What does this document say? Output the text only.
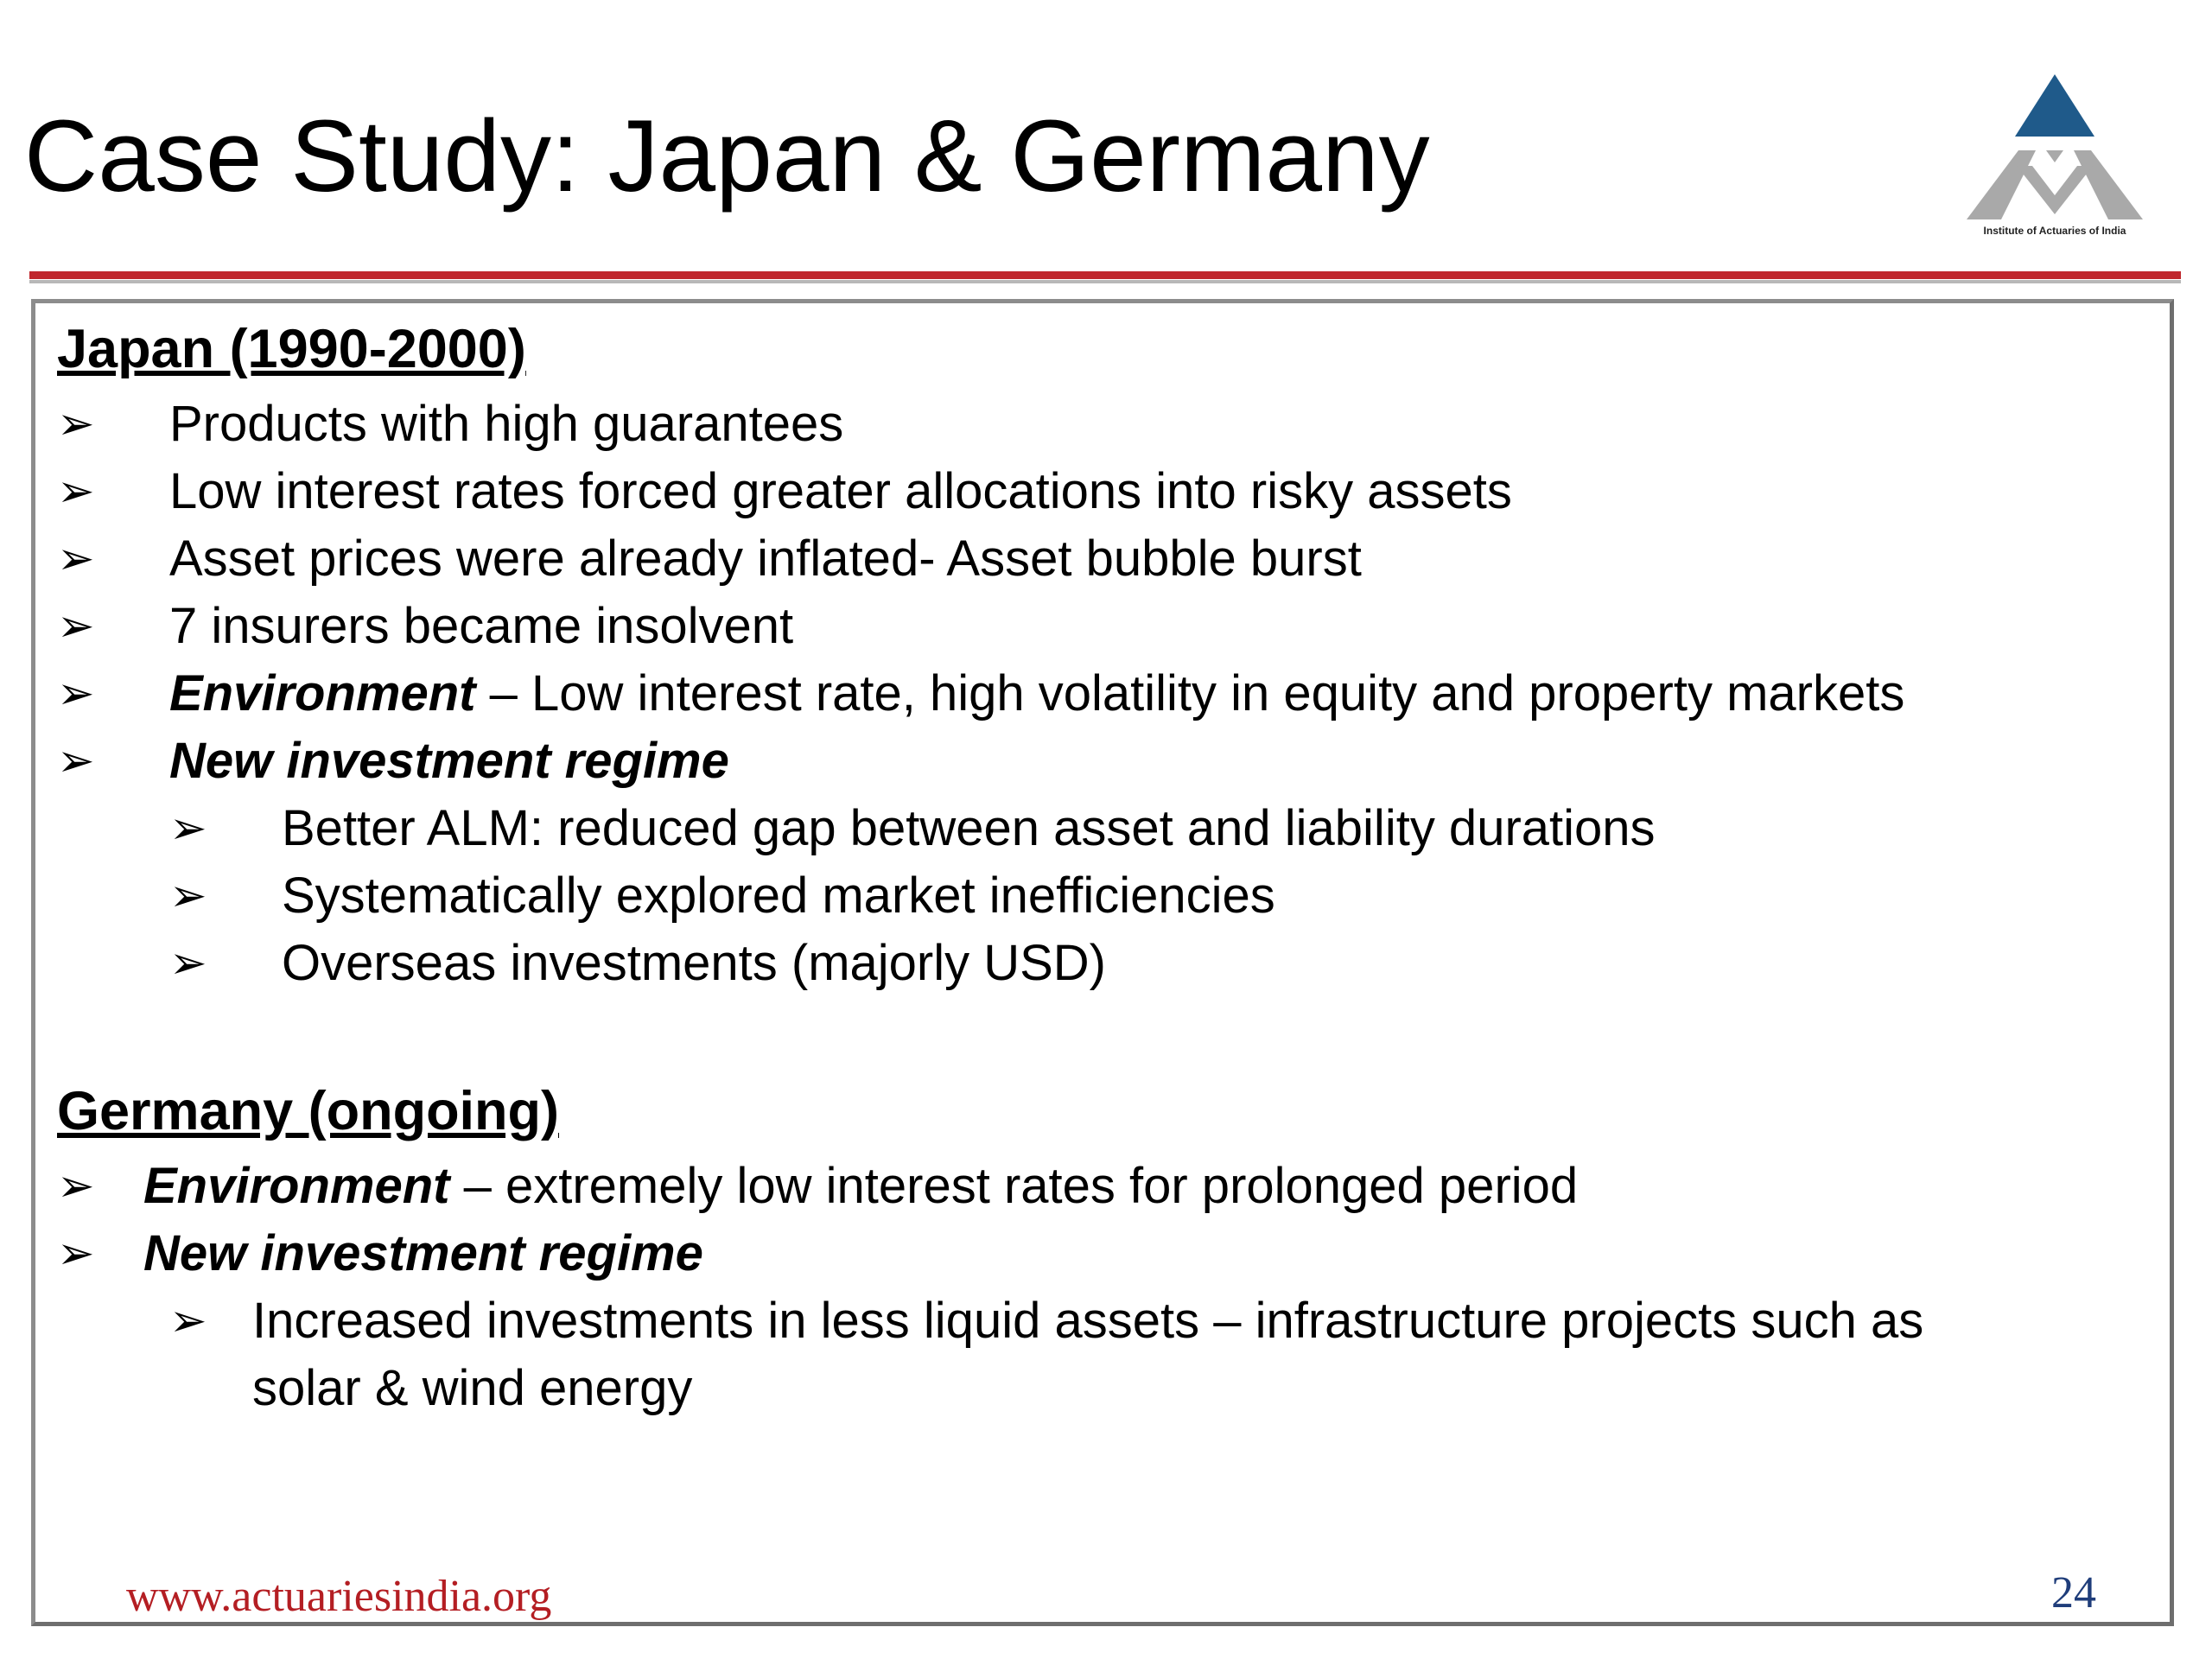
Case Study: Japan & Germany
Institute of Actuaries of India
Japan (1990-2000)
➢ Products with high guarantees
➢ Low interest rates forced greater allocations into risky assets
➢ Asset prices were already inflated- Asset bubble burst
➢ 7 insurers became insolvent
➢ Environment – Low interest rate, high volatility in equity and property markets
➢ New investment regime
➢ Better ALM: reduced gap between asset and liability durations
➢ Systematically explored market inefficiencies
➢ Overseas investments (majorly USD)
Germany (ongoing)
➢ Environment – extremely low interest rates for prolonged period
➢ New investment regime
➢ Increased investments in less liquid assets – infrastructure projects such as
solar & wind energy
www.actuariesindia.org	24
